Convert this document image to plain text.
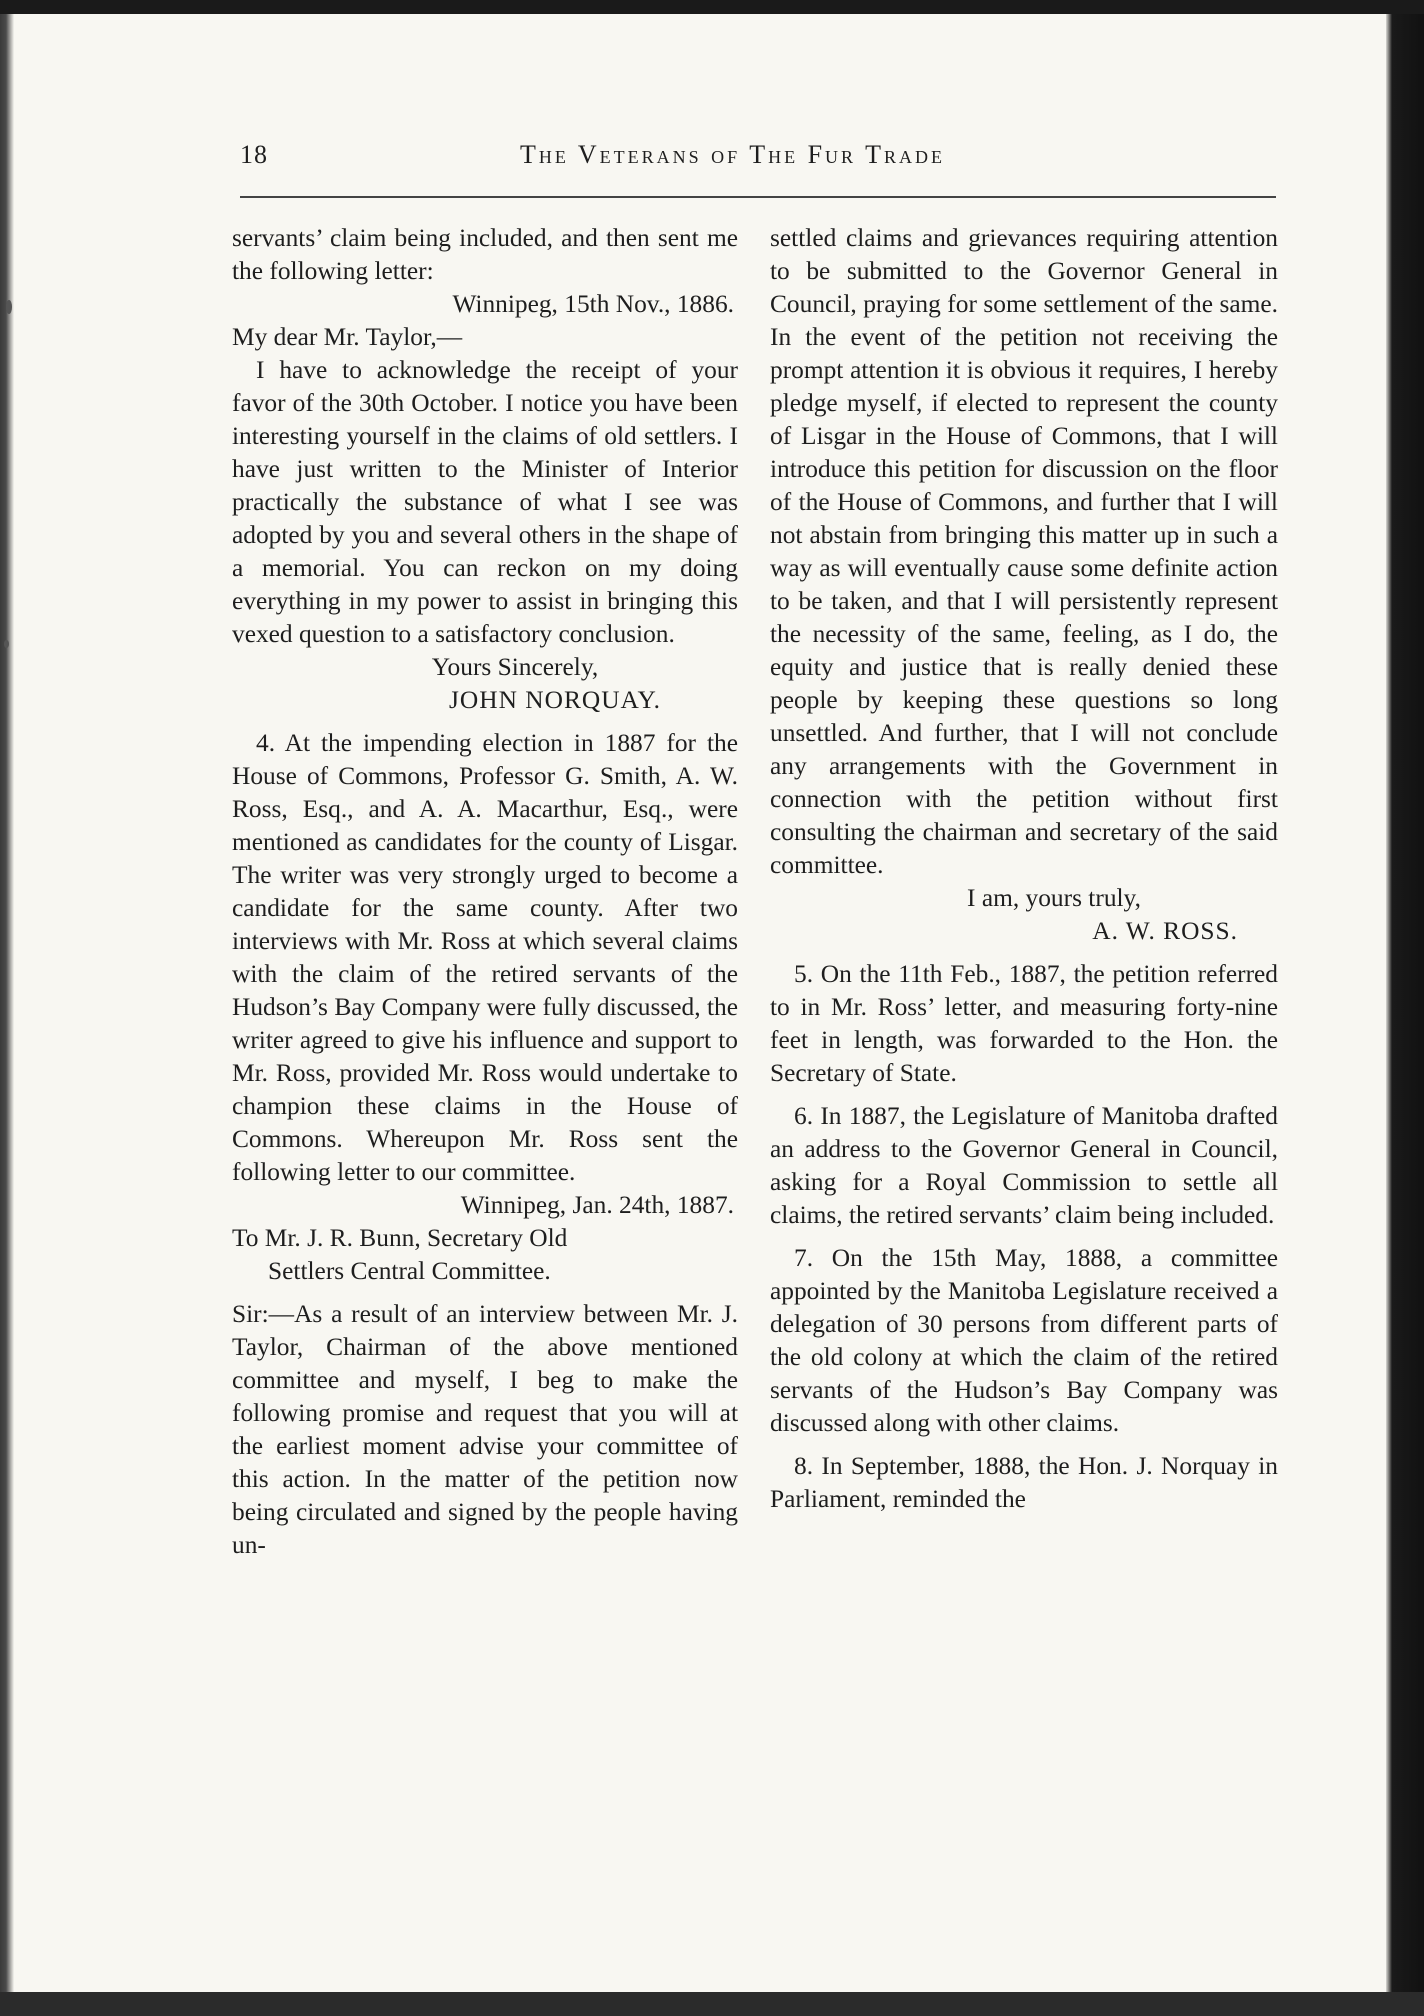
18	The Veterans of The Fur Trade

servants’ claim being included, and then sent me the following letter:

Winnipeg, 15th Nov., 1886.

My dear Mr. Taylor,—

I have to acknowledge the receipt of your favor of the 30th October. I notice you have been interesting yourself in the claims of old settlers. I have just written to the Minister of Interior practically the substance of what I see was adopted by you and several others in the shape of a memorial. You can reckon on my doing everything in my power to assist in bringing this vexed question to a satisfactory conclusion.

Yours Sincerely,

JOHN NORQUAY.

4. At the impending election in 1887 for the House of Commons, Professor G. Smith, A. W. Ross, Esq., and A. A. Macarthur, Esq., were mentioned as candidates for the county of Lisgar. The writer was very strongly urged to become a candidate for the same county. After two interviews with Mr. Ross at which several claims with the claim of the retired servants of the Hudson’s Bay Company were fully discussed, the writer agreed to give his influence and support to Mr. Ross, provided Mr. Ross would undertake to champion these claims in the House of Commons. Whereupon Mr. Ross sent the following letter to our committee.

Winnipeg, Jan. 24th, 1887.

To Mr. J. R. Bunn, Secretary Old

Settlers Central Committee.

Sir:—As a result of an interview between Mr. J. Taylor, Chairman of the above mentioned committee and myself, I beg to make the following promise and request that you will at the earliest moment advise your committee of this action. In the matter of the petition now being circulated and signed by the people having un-

settled claims and grievances requiring attention to be submitted to the Governor General in Council, praying for some settlement of the same. In the event of the petition not receiving the prompt attention it is obvious it requires, I hereby pledge myself, if elected to represent the county of Lisgar in the House of Commons, that I will introduce this petition for discussion on the floor of the House of Commons, and further that I will not abstain from bringing this matter up in such a way as will eventually cause some definite action to be taken, and that I will persistently represent the necessity of the same, feeling, as I do, the equity and justice that is really denied these people by keeping these questions so long unsettled. And further, that I will not conclude any arrangements with the Government in connection with the petition without first consulting the chairman and secretary of the said committee.

I am, yours truly,

A. W. ROSS.

5. On the 11th Feb., 1887, the petition referred to in Mr. Ross’ letter, and measuring forty-nine feet in length, was forwarded to the Hon. the Secretary of State.

6. In 1887, the Legislature of Manitoba drafted an address to the Governor General in Council, asking for a Royal Commission to settle all claims, the retired servants’ claim being included.

7. On the 15th May, 1888, a committee appointed by the Manitoba Legislature received a delegation of 30 persons from different parts of the old colony at which the claim of the retired servants of the Hudson’s Bay Company was discussed along with other claims.

8. In September, 1888, the Hon. J. Norquay in Parliament, reminded the
